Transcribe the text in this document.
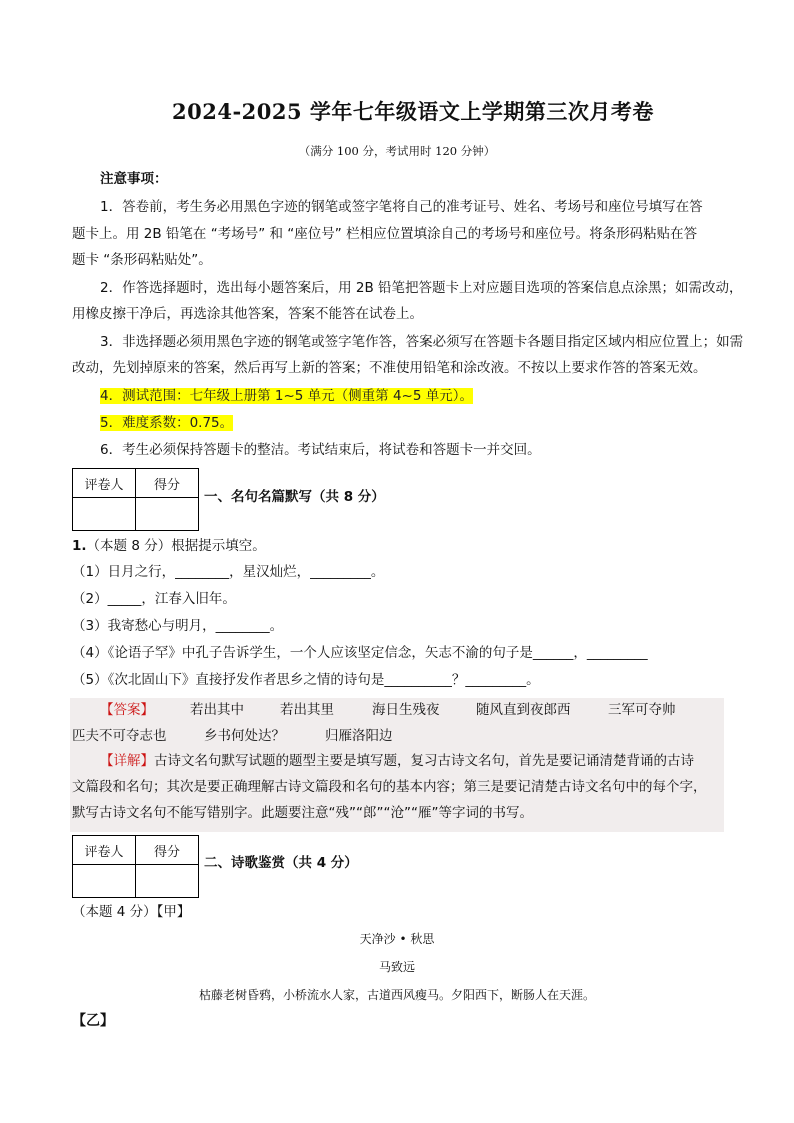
2024-2025 学年七年级语文上学期第三次月考卷
（满分 100 分，考试用时 120 分钟）
注意事项：
1．答卷前，考生务必用黑色字迹的钢笔或签字笔将自己的准考证号、姓名、考场号和座位号填写在答
题卡上。用 2B 铅笔在 “考场号” 和 “座位号” 栏相应位置填涂自己的考场号和座位号。将条形码粘贴在答
题卡 “条形码粘贴处”。
2．作答选择题时，选出每小题答案后，用 2B 铅笔把答题卡上对应题目选项的答案信息点涂黑；如需改动，
用橡皮擦干净后，再选涂其他答案，答案不能答在试卷上。
3．非选择题必须用黑色字迹的钢笔或签字笔作答，答案必须写在答题卡各题目指定区域内相应位置上；如需
改动，先划掉原来的答案，然后再写上新的答案；不准使用铅笔和涂改液。不按以上要求作答的答案无效。
4．测试范围：七年级上册第 1~5 单元（侧重第 4~5 单元）。
5．难度系数：0.75。
6．考生必须保持答题卡的整洁。考试结束后，将试卷和答题卡一并交回。
评卷人	得分

一、名句名篇默写（共 8 分）
1.（本题 8 分）根据提示填空。
（1）日月之行，________，星汉灿烂，_________。
（2）_____，江春入旧年。
（3）我寄愁心与明月，________。
（4）《论语子罕》中孔子告诉学生，一个人应该坚定信念，矢志不渝的句子是______，_________
（5）《次北固山下》直接抒发作者思乡之情的诗句是__________？_________。
【答案】	若出其中	若出其里	海日生残夜	随风直到夜郎西	三军可夺帅
匹夫不可夺志也	乡书何处达？	归雁洛阳边
【详解】古诗文名句默写试题的题型主要是填写题，复习古诗文名句，首先是要记诵清楚背诵的古诗
文篇段和名句；其次是要正确理解古诗文篇段和名句的基本内容；第三是要记清楚古诗文名句中的每个字，
默写古诗文名句不能写错别字。此题要注意“残”“郎”“沧”“雁”等字词的书写。
评卷人	得分

二、诗歌鉴赏（共 4 分）
（本题 4 分）【甲】
天净沙 • 秋思
马致远
枯藤老树昏鸦，小桥流水人家，古道西风瘦马。夕阳西下，断肠人在天涯。
【乙】
